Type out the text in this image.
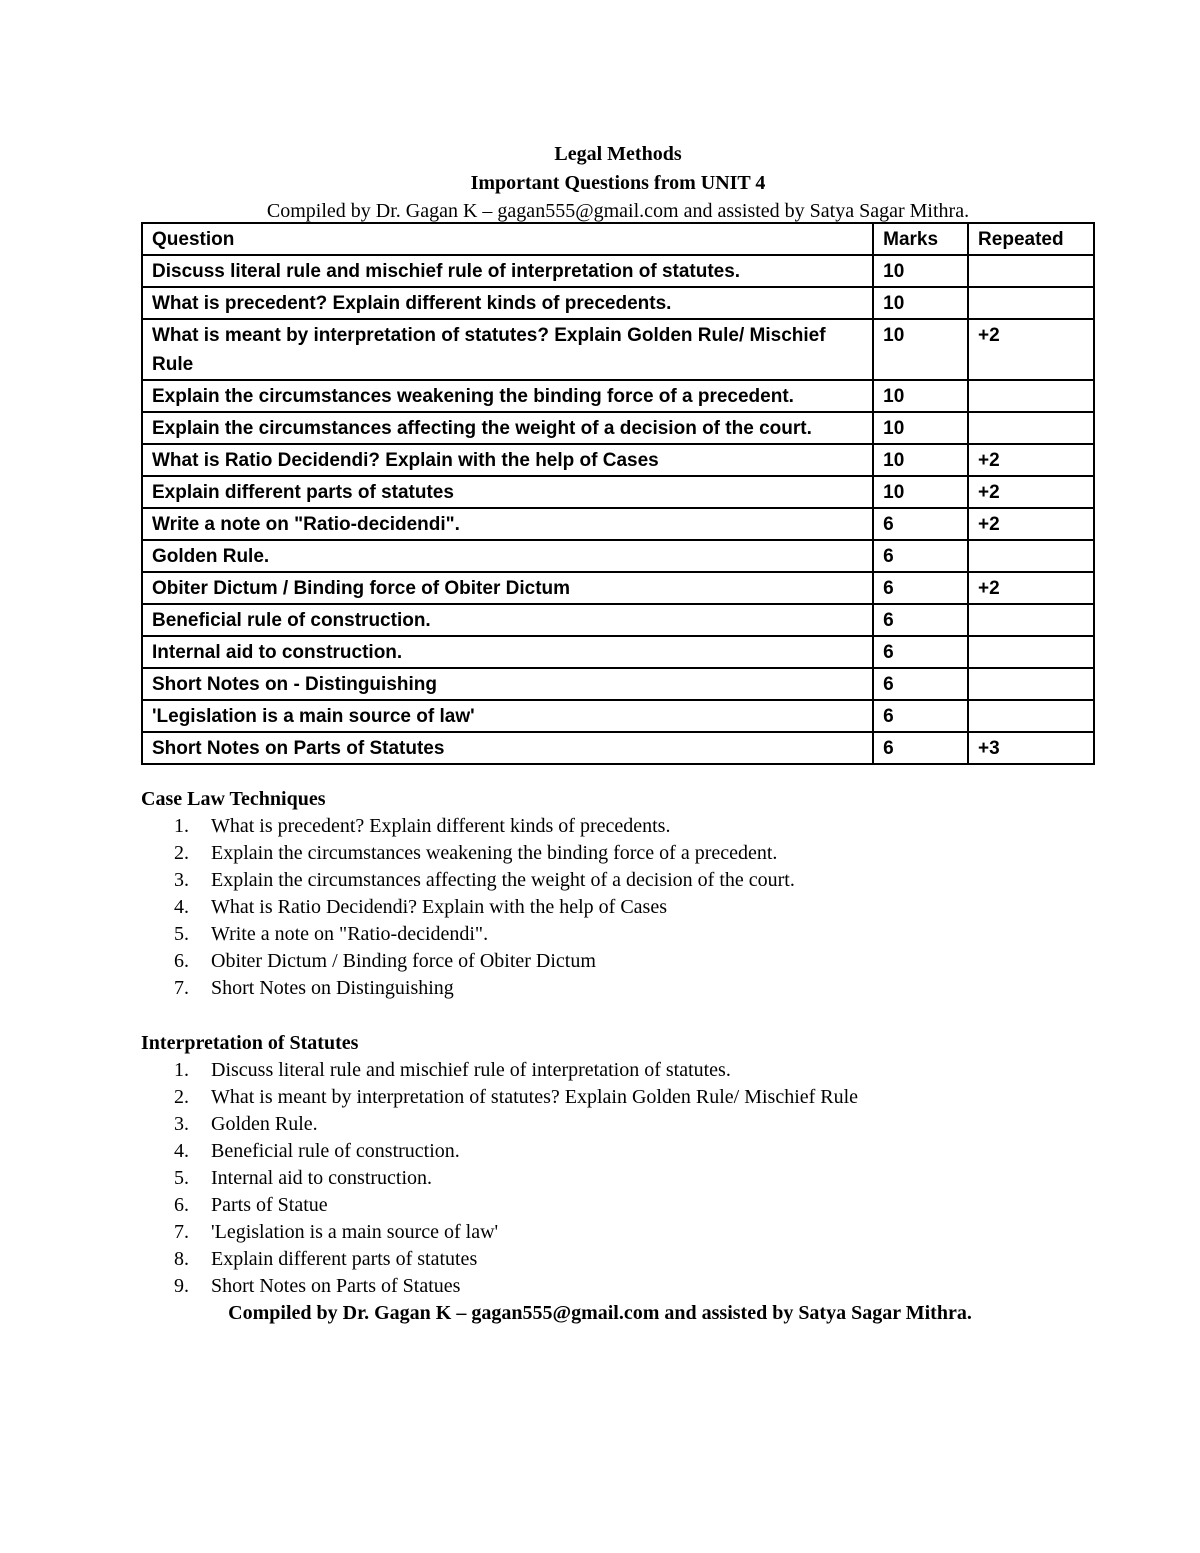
Legal Methods
Important Questions from UNIT 4
Compiled by Dr. Gagan K – gagan555@gmail.com and assisted by Satya Sagar Mithra.
Question	Marks	Repeated
Discuss literal rule and mischief rule of interpretation of statutes.	10	
What is precedent? Explain different kinds of precedents.	10	
What is meant by interpretation of statutes? Explain Golden Rule/ Mischief Rule	10	+2
Explain the circumstances weakening the binding force of a precedent.	10	
Explain the circumstances affecting the weight of a decision of the court.	10	
What is Ratio Decidendi? Explain with the help of Cases	10	+2
Explain different parts of statutes	10	+2
Write a note on "Ratio-decidendi".	6	+2
Golden Rule.	6	
Obiter Dictum / Binding force of Obiter Dictum	6	+2
Beneficial rule of construction.	6	
Internal aid to construction.	6	
Short Notes on - Distinguishing	6	
'Legislation is a main source of law'	6	
Short Notes on Parts of Statutes	6	+3
Case Law Techniques
1. What is precedent? Explain different kinds of precedents.
2. Explain the circumstances weakening the binding force of a precedent.
3. Explain the circumstances affecting the weight of a decision of the court.
4. What is Ratio Decidendi? Explain with the help of Cases
5. Write a note on "Ratio-decidendi".
6. Obiter Dictum / Binding force of Obiter Dictum
7. Short Notes on Distinguishing
Interpretation of Statutes
1. Discuss literal rule and mischief rule of interpretation of statutes.
2. What is meant by interpretation of statutes? Explain Golden Rule/ Mischief Rule
3. Golden Rule.
4. Beneficial rule of construction.
5. Internal aid to construction.
6. Parts of Statue
7. 'Legislation is a main source of law'
8. Explain different parts of statutes
9. Short Notes on Parts of Statues
Compiled by Dr. Gagan K – gagan555@gmail.com and assisted by Satya Sagar Mithra.
